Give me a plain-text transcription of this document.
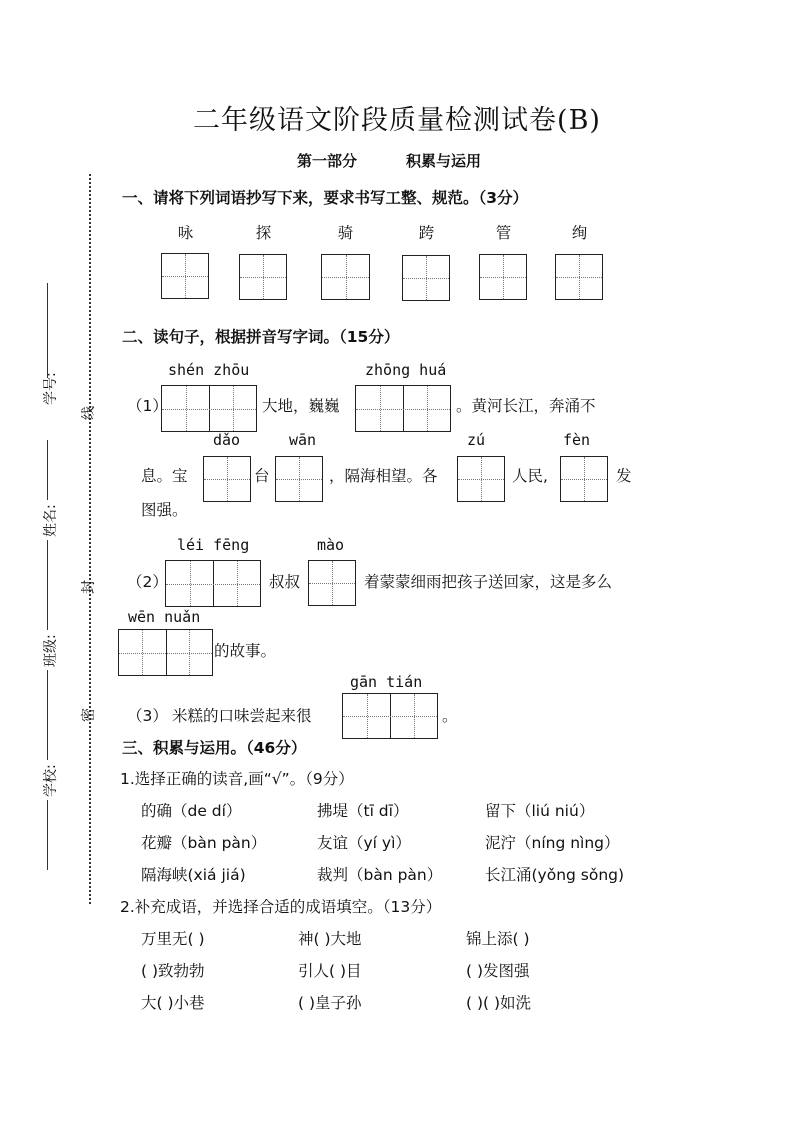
二年级语文阶段质量检测试卷(B)
第一部分	积累与运用
学号:
姓名:
班级:
学校:
线
封
密
一、请将下列词语抄写下来，要求书写工整、规范。（3分）
咏	探	骑	跨	管	绚
二、读句子，根据拼音写字词。（15分）
shén zhōu	zhōng huá
（1）	大地，巍巍	。黄河长江，奔涌不
dǎo	wān	zú	fèn
息。宝	台	，隔海相望。各	人民,	发
图强。
léi fēng	mào
（2）	叔叔	着蒙蒙细雨把孩子送回家，这是多么
wēn nuǎn
的故事。
gān tián
（3） 米糕的口味尝起来很	。
三、积累与运用。（46分）
1.选择正确的读音,画“√”。（9分）
的确（de dí）	拂堤（tī dī）	留下（liú niú）
花瓣（bàn pàn）	友谊（yí yì）	泥泞（níng nìng）
隔海峡(xiá jiá)	裁判（bàn pàn）	长江涌(yǒng sǒng)
2.补充成语，并选择合适的成语填空。（13分）
万里无( )	神( )大地	锦上添( )
( )致勃勃	引人( )目	( )发图强
大( )小巷	( )皇子孙	( )( )如洗
